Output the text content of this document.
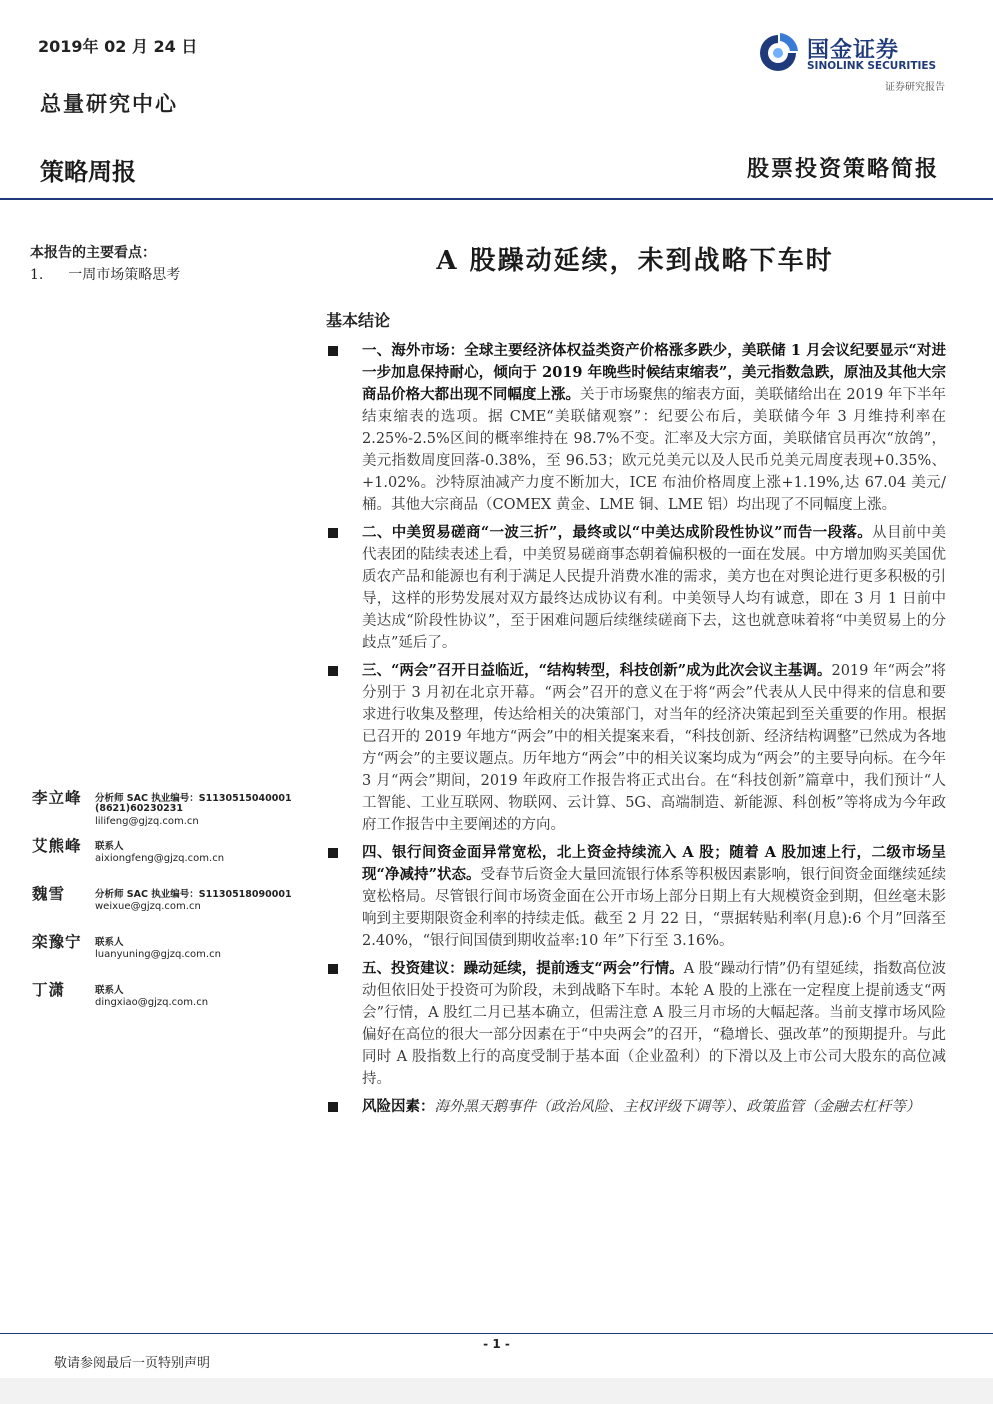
2019年 02 月 24 日
总量研究中心
国金证券
SINOLINK SECURITIES
证券研究报告
策略周报	股票投资策略简报
本报告的主要看点：
1. 一周市场策略思考	A 股躁动延续，未到战略下车时
基本结论
一、海外市场：全球主要经济体权益类资产价格涨多跌少，美联储 1 月会议纪要显示“对进一步加息保持耐心，倾向于 2019 年晚些时候结束缩表”，美元指数急跌，原油及其他大宗商品价格大都出现不同幅度上涨。关于市场聚焦的缩表方面，美联储给出在 2019 年下半年结束缩表的选项。据 CME“美联储观察”：纪要公布后，美联储今年 3 月维持利率在 2.25%-2.5%区间的概率维持在 98.7%不变。汇率及大宗方面，美联储官员再次“放鸽”，美元指数周度回落-0.38%，至 96.53；欧元兑美元以及人民币兑美元周度表现+0.35%、+1.02%。沙特原油减产力度不断加大，ICE 布油价格周度上涨+1.19%,达 67.04 美元/桶。其他大宗商品（COMEX 黄金、LME 铜、LME 铝）均出现了不同幅度上涨。
二、中美贸易磋商“一波三折”，最终或以“中美达成阶段性协议”而告一段落。从目前中美代表团的陆续表述上看，中美贸易磋商事态朝着偏积极的一面在发展。中方增加购买美国优质农产品和能源也有利于满足人民提升消费水准的需求，美方也在对舆论进行更多积极的引导，这样的形势发展对双方最终达成协议有利。中美领导人均有诚意，即在 3 月 1 日前中美达成“阶段性协议”，至于困难问题后续继续磋商下去，这也就意味着将“中美贸易上的分歧点”延后了。
三、“两会”召开日益临近，“结构转型，科技创新”成为此次会议主基调。2019 年“两会”将分别于 3 月初在北京开幕。“两会”召开的意义在于将“两会”代表从人民中得来的信息和要求进行收集及整理，传达给相关的决策部门，对当年的经济决策起到至关重要的作用。根据已召开的 2019 年地方“两会”中的相关提案来看，“科技创新、经济结构调整”已然成为各地方“两会”的主要议题点。历年地方“两会”中的相关议案均成为“两会”的主要导向标。在今年 3 月“两会”期间，2019 年政府工作报告将正式出台。在“科技创新”篇章中，我们预计“人工智能、工业互联网、物联网、云计算、5G、高端制造、新能源、科创板”等将成为今年政府工作报告中主要阐述的方向。
四、银行间资金面异常宽松，北上资金持续流入 A 股；随着 A 股加速上行，二级市场呈现“净减持”状态。受春节后资金大量回流银行体系等积极因素影响，银行间资金面继续延续宽松格局。尽管银行间市场资金面在公开市场上部分日期上有大规模资金到期，但丝毫未影响到主要期限资金利率的持续走低。截至 2 月 22 日，“票据转贴利率(月息):6 个月”回落至 2.40%，“银行间国债到期收益率:10 年”下行至 3.16%。
五、投资建议：躁动延续，提前透支“两会”行情。A 股“躁动行情”仍有望延续，指数高位波动但依旧处于投资可为阶段，未到战略下车时。本轮 A 股的上涨在一定程度上提前透支“两会”行情，A 股红二月已基本确立，但需注意 A 股三月市场的大幅起落。当前支撑市场风险偏好在高位的很大一部分因素在于“中央两会”的召开，“稳增长、强改革”的预期提升。与此同时 A 股指数上行的高度受制于基本面（企业盈利）的下滑以及上市公司大股东的高位减持。
风险因素：海外黑天鹅事件（政治风险、主权评级下调等）、政策监管（金融去杠杆等）
李立峰 分析师 SAC 执业编号：S1130515040001
(8621)60230231
lilifeng@gjzq.com.cn
艾熊峰 联系人
aixiongfeng@gjzq.com.cn
魏雪	分析师 SAC 执业编号：S1130518090001
weixue@gjzq.com.cn
栾豫宁 联系人
luanyuning@gjzq.com.cn
丁潇	联系人
dingxiao@gjzq.com.cn
- 1 -
敬请参阅最后一页特别声明
